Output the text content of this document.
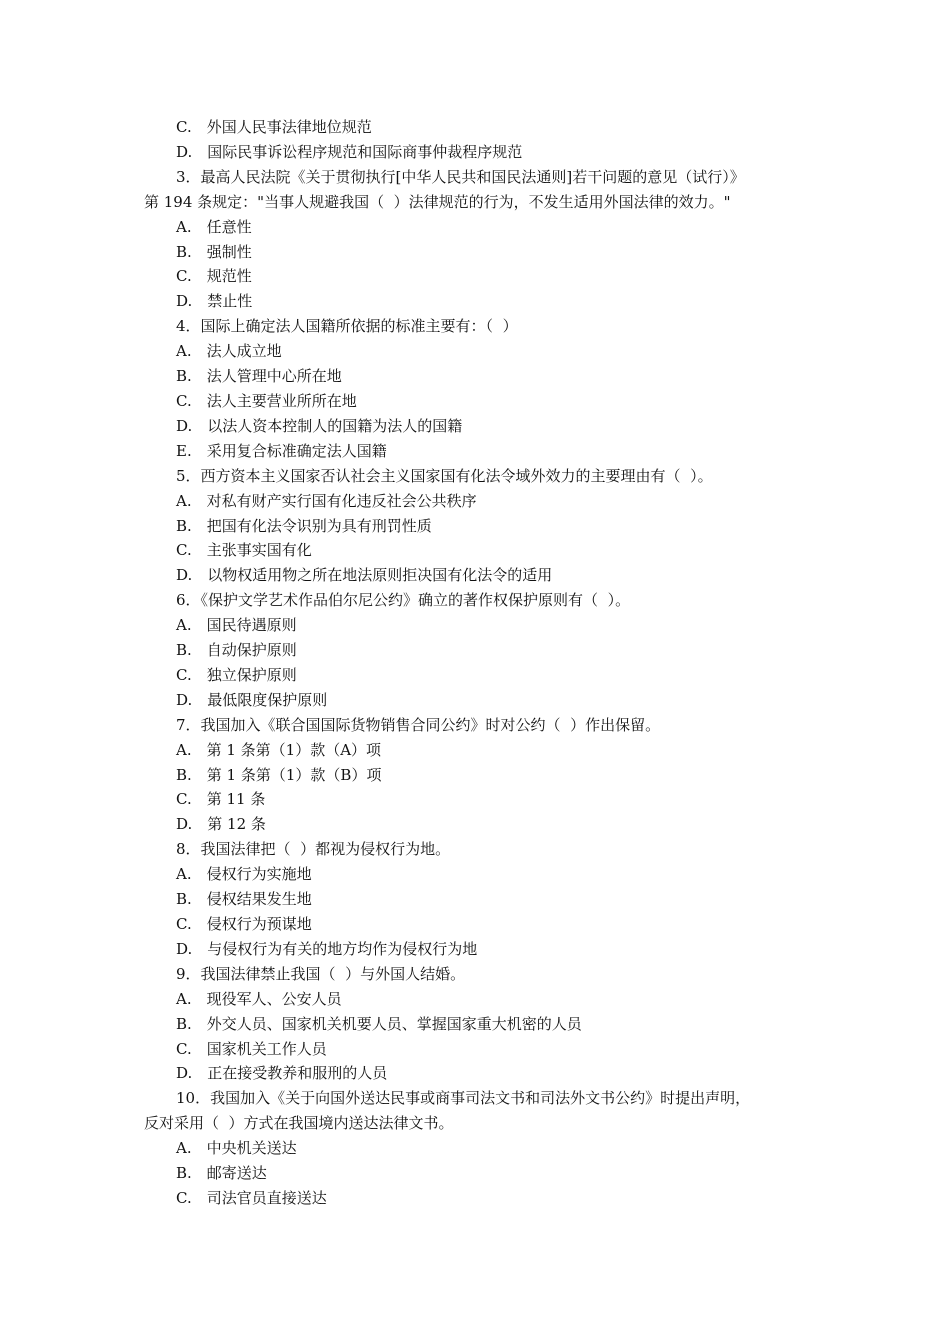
C.　外国人民事法律地位规范

D.　国际民事诉讼程序规范和国际商事仲裁程序规范

3．最高人民法院《关于贯彻执行[中华人民共和国民法通则]若干问题的意见（试行）》

第 194 条规定："当事人规避我国（  ）法律规范的行为，不发生适用外国法律的效力。"

A.　任意性

B.　强制性

C.　规范性

D.　禁止性

4．国际上确定法人国籍所依据的标准主要有：（  ）

A.　法人成立地

B.　法人管理中心所在地

C.　法人主要营业所所在地

D.　以法人资本控制人的国籍为法人的国籍

E.　采用复合标准确定法人国籍

5．西方资本主义国家否认社会主义国家国有化法令域外效力的主要理由有（  ）。

A.　对私有财产实行国有化违反社会公共秩序

B.　把国有化法令识别为具有刑罚性质

C.　主张事实国有化

D.　以物权适用物之所在地法原则拒决国有化法令的适用

6．《保护文学艺术作品伯尔尼公约》确立的著作权保护原则有（  ）。

A.　国民待遇原则

B.　自动保护原则

C.　独立保护原则

D.　最低限度保护原则

7．我国加入《联合国国际货物销售合同公约》时对公约（  ）作出保留。

A.　第 1 条第（1）款（A）项

B.　第 1 条第（1）款（B）项

C.　第 11 条

D.　第 12 条

8．我国法律把（  ）都视为侵权行为地。

A.　侵权行为实施地

B.　侵权结果发生地

C.　侵权行为预谋地

D.　与侵权行为有关的地方均作为侵权行为地

9．我国法律禁止我国（  ）与外国人结婚。

A.　现役军人、公安人员

B.　外交人员、国家机关机要人员、掌握国家重大机密的人员

C.　国家机关工作人员

D.　正在接受教养和服刑的人员

10．我国加入《关于向国外送达民事或商事司法文书和司法外文书公约》时提出声明，

反对采用（  ）方式在我国境内送达法律文书。

A.　中央机关送达

B.　邮寄送达

C.　司法官员直接送达
